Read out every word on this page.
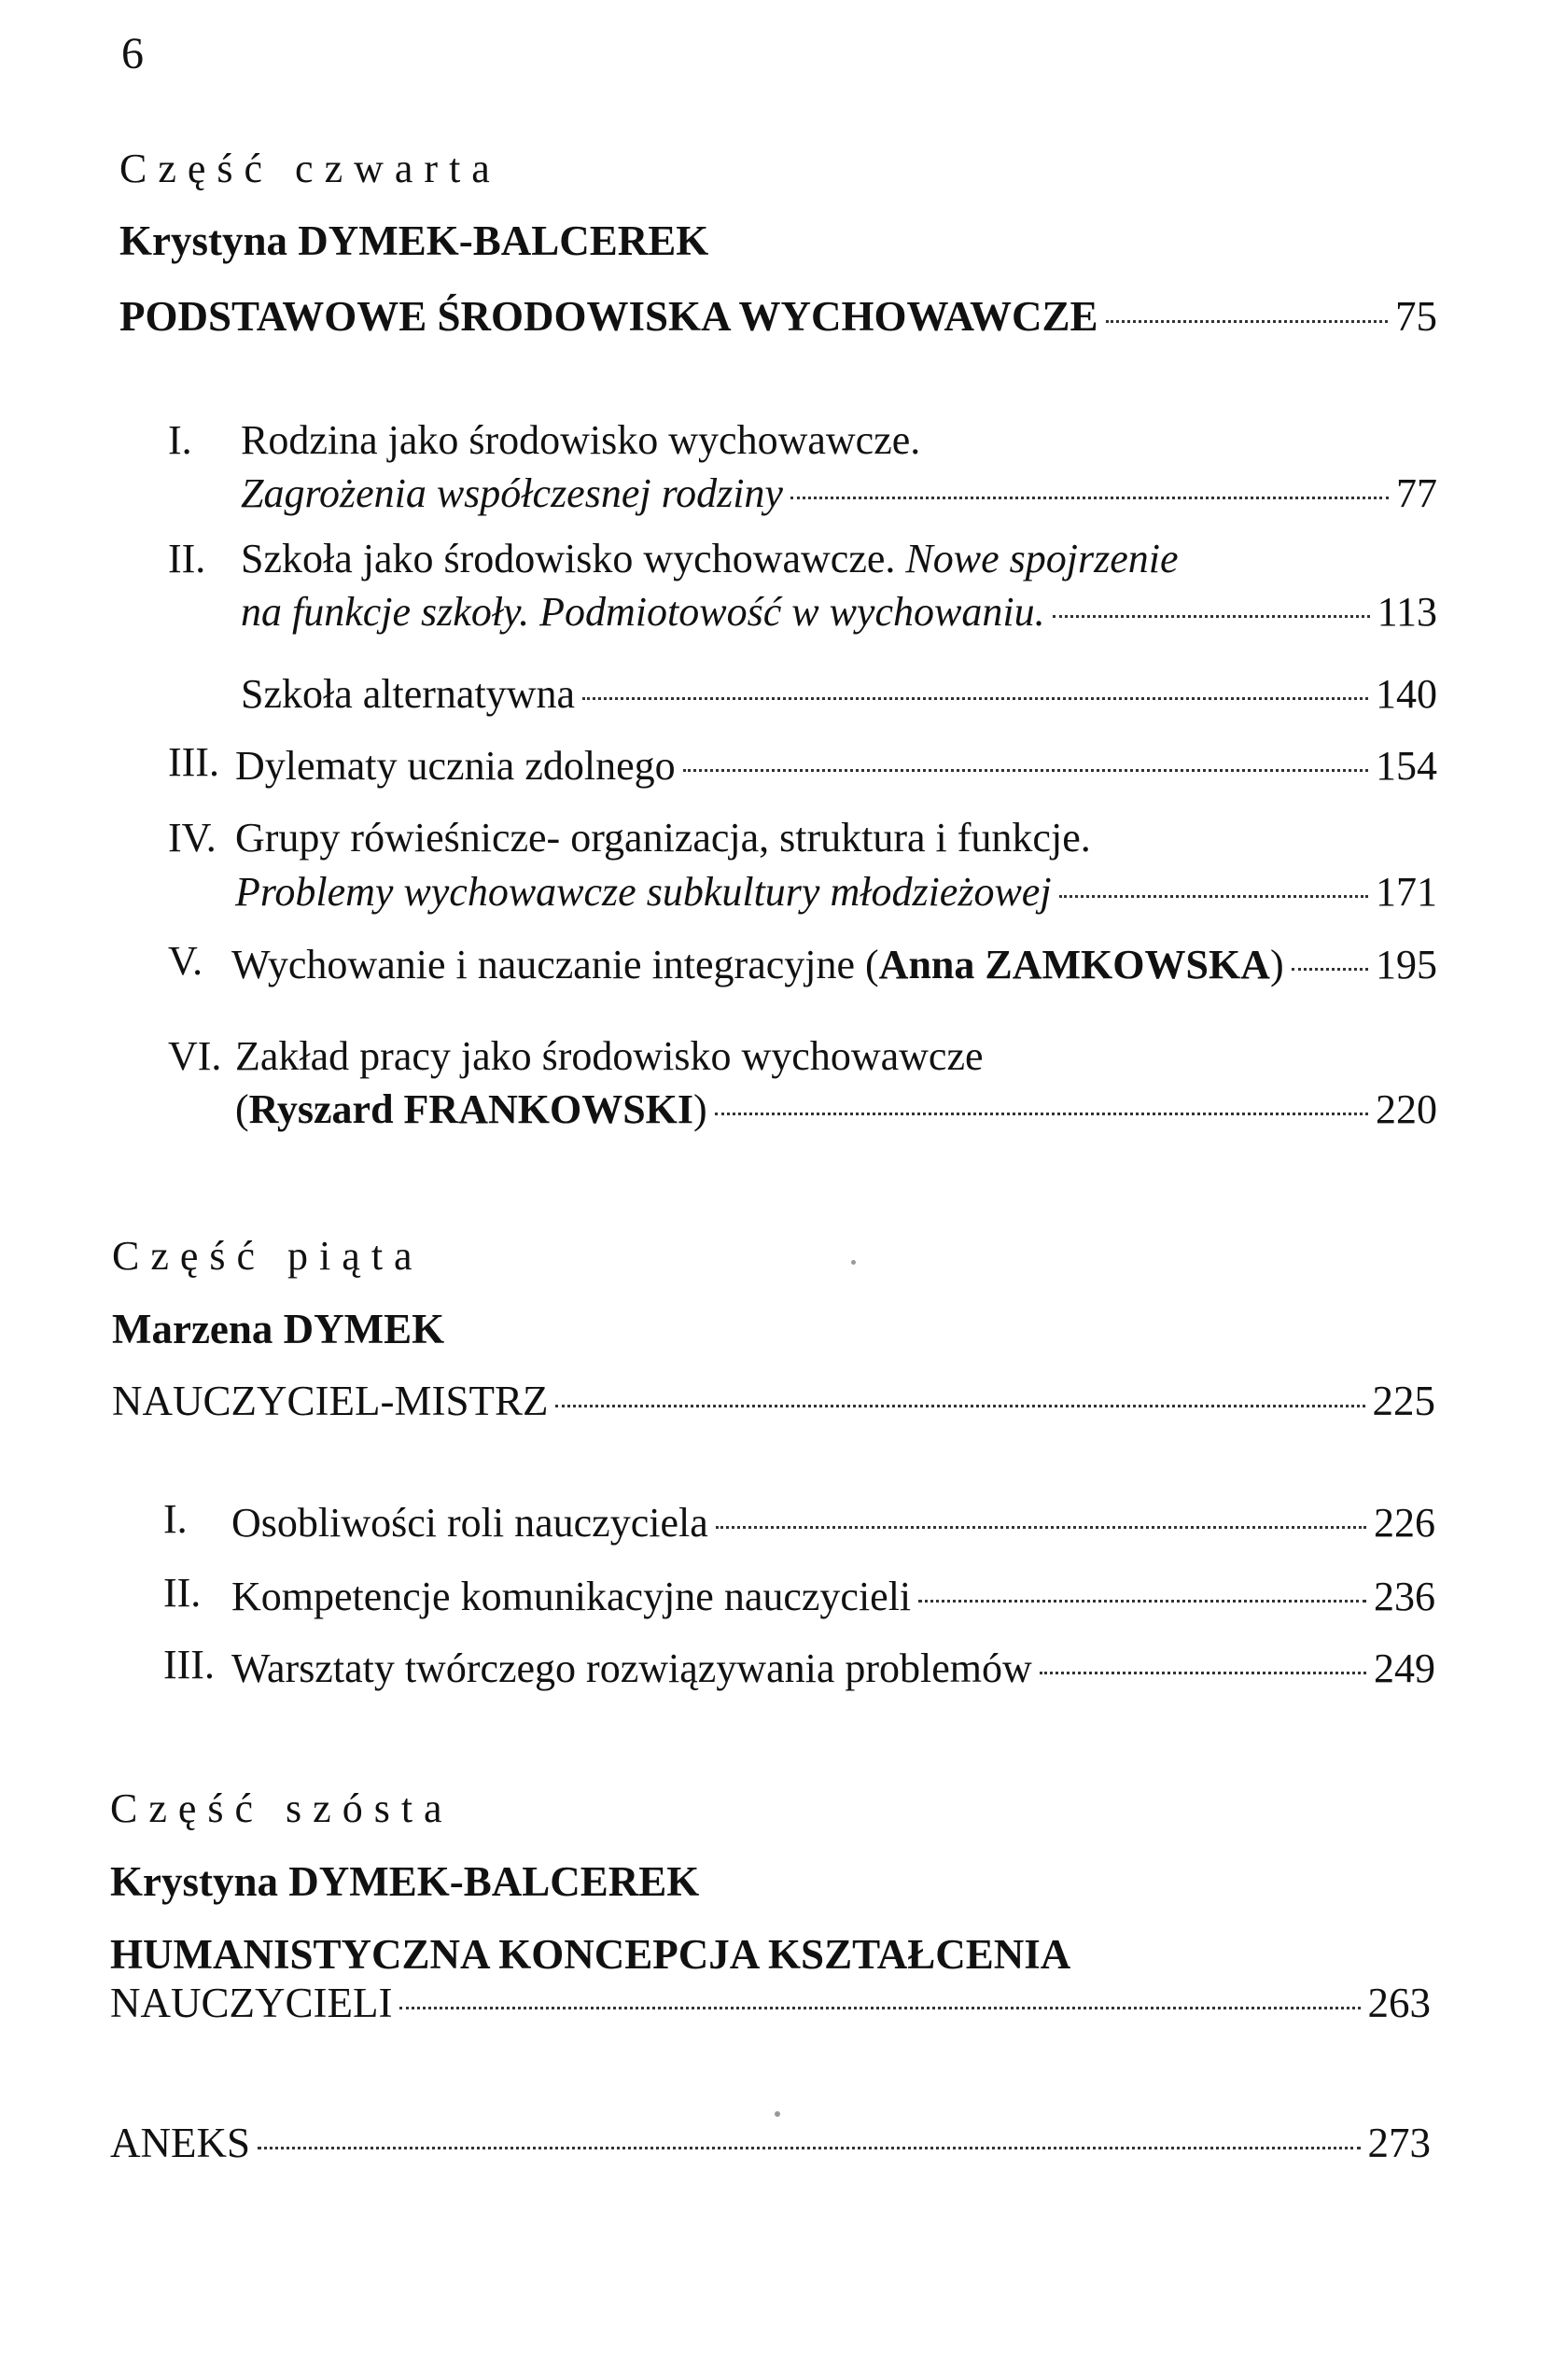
6
Część czwarta
Krystyna DYMEK-BALCEREK
PODSTAWOWE ŚRODOWISKA WYCHOWAWCZE	75
I. Rodzina jako środowisko wychowawcze.
Zagrożenia współczesnej rodziny	77
II. Szkoła jako środowisko wychowawcze. Nowe spojrzenie
na funkcje szkoły. Podmiotowość w wychowaniu.	113
Szkoła alternatywna	140
III. Dylematy ucznia zdolnego	154
IV. Grupy rówieśnicze- organizacja, struktura i funkcje.
Problemy wychowawcze subkultury młodzieżowej	171
V. Wychowanie i nauczanie integracyjne (Anna ZAMKOWSKA) 195
VI. Zakład pracy jako środowisko wychowawcze
(Ryszard FRANKOWSKI)	220
Część piąta
Marzena DYMEK
NAUCZYCIEL-MISTRZ	225
I. Osobliwości roli nauczyciela	226
II. Kompetencje komunikacyjne nauczycieli	236
III. Warsztaty twórczego rozwiązywania problemów	249
Część szósta
Krystyna DYMEK-BALCEREK
HUMANISTYCZNA KONCEPCJA KSZTAŁCENIA
NAUCZYCIELI	263
ANEKS	273
